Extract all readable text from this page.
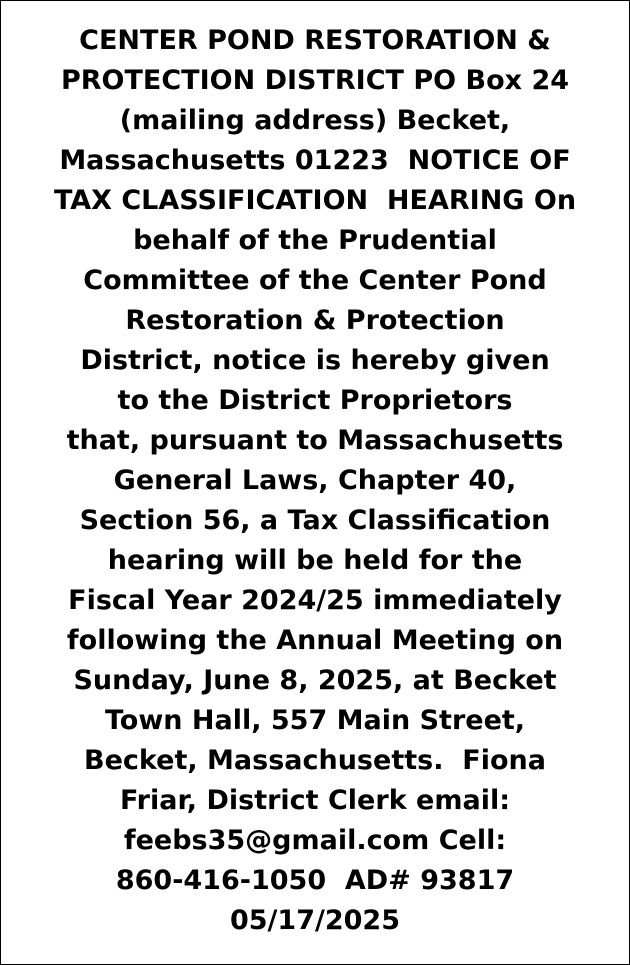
CENTER POND RESTORATION &
PROTECTION DISTRICT PO Box 24
(mailing address) Becket,
Massachusetts 01223  NOTICE OF
TAX CLASSIFICATION  HEARING On
behalf of the Prudential
Committee of the Center Pond
Restoration & Protection
District, notice is hereby given
to the District Proprietors
that, pursuant to Massachusetts
General Laws, Chapter 40,
Section 56, a Tax Classification
hearing will be held for the
Fiscal Year 2024/25 immediately
following the Annual Meeting on
Sunday, June 8, 2025, at Becket
Town Hall, 557 Main Street,
Becket, Massachusetts.  Fiona
Friar, District Clerk email:
feebs35@gmail.com Cell:
860-416-1050  AD# 93817
05/17/2025
